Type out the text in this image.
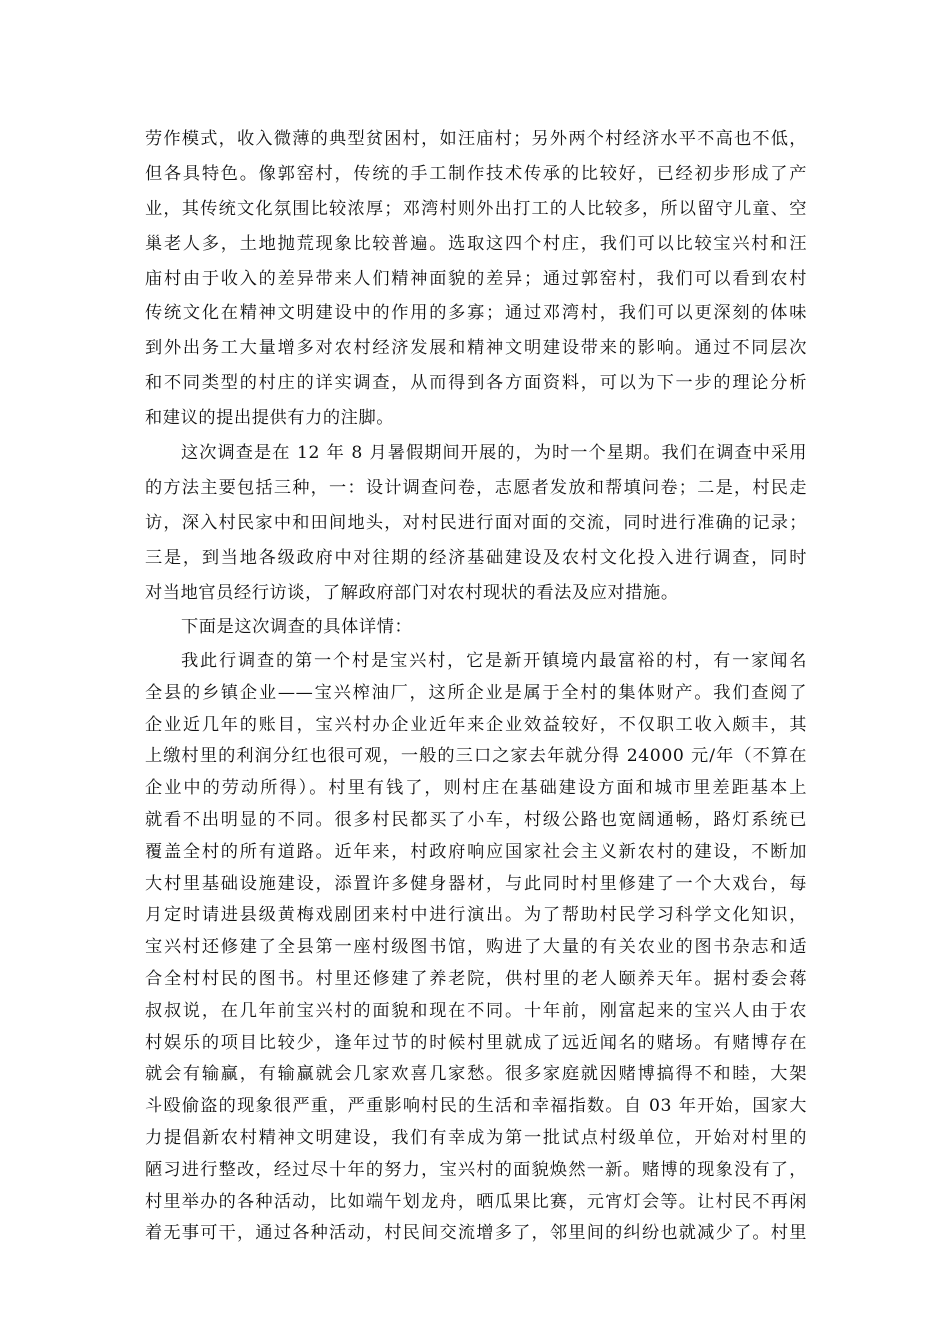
劳作模式，收入微薄的典型贫困村，如汪庙村；另外两个村经济水平不高也不低，
但各具特色。像郭窑村，传统的手工制作技术传承的比较好，已经初步形成了产
业，其传统文化氛围比较浓厚；邓湾村则外出打工的人比较多，所以留守儿童、空
巢老人多，土地抛荒现象比较普遍。选取这四个村庄，我们可以比较宝兴村和汪
庙村由于收入的差异带来人们精神面貌的差异；通过郭窑村，我们可以看到农村
传统文化在精神文明建设中的作用的多寡；通过邓湾村，我们可以更深刻的体味
到外出务工大量增多对农村经济发展和精神文明建设带来的影响。通过不同层次
和不同类型的村庄的详实调查，从而得到各方面资料，可以为下一步的理论分析
和建议的提出提供有力的注脚。
这次调查是在 12 年 8 月暑假期间开展的，为时一个星期。我们在调查中采用
的方法主要包括三种，一：设计调查问卷，志愿者发放和帮填问卷；二是，村民走
访，深入村民家中和田间地头，对村民进行面对面的交流，同时进行准确的记录；
三是，到当地各级政府中对往期的经济基础建设及农村文化投入进行调查，同时
对当地官员经行访谈，了解政府部门对农村现状的看法及应对措施。
下面是这次调查的具体详情：
我此行调查的第一个村是宝兴村，它是新开镇境内最富裕的村，有一家闻名
全县的乡镇企业——宝兴榨油厂，这所企业是属于全村的集体财产。我们查阅了
企业近几年的账目，宝兴村办企业近年来企业效益较好，不仅职工收入颇丰，其
上缴村里的利润分红也很可观，一般的三口之家去年就分得 24000 元/年（不算在
企业中的劳动所得）。村里有钱了，则村庄在基础建设方面和城市里差距基本上
就看不出明显的不同。很多村民都买了小车，村级公路也宽阔通畅，路灯系统已
覆盖全村的所有道路。近年来，村政府响应国家社会主义新农村的建设，不断加
大村里基础设施建设，添置许多健身器材，与此同时村里修建了一个大戏台，每
月定时请进县级黄梅戏剧团来村中进行演出。为了帮助村民学习科学文化知识，
宝兴村还修建了全县第一座村级图书馆，购进了大量的有关农业的图书杂志和适
合全村村民的图书。村里还修建了养老院，供村里的老人颐养天年。据村委会蒋
叔叔说，在几年前宝兴村的面貌和现在不同。十年前，刚富起来的宝兴人由于农
村娱乐的项目比较少，逢年过节的时候村里就成了远近闻名的赌场。有赌博存在
就会有输赢，有输赢就会几家欢喜几家愁。很多家庭就因赌博搞得不和睦，大架
斗殴偷盗的现象很严重，严重影响村民的生活和幸福指数。自 03 年开始，国家大
力提倡新农村精神文明建设，我们有幸成为第一批试点村级单位，开始对村里的
陋习进行整改，经过尽十年的努力，宝兴村的面貌焕然一新。赌博的现象没有了，
村里举办的各种活动，比如端午划龙舟，晒瓜果比赛，元宵灯会等。让村民不再闲
着无事可干，通过各种活动，村民间交流增多了，邻里间的纠纷也就减少了。村里
